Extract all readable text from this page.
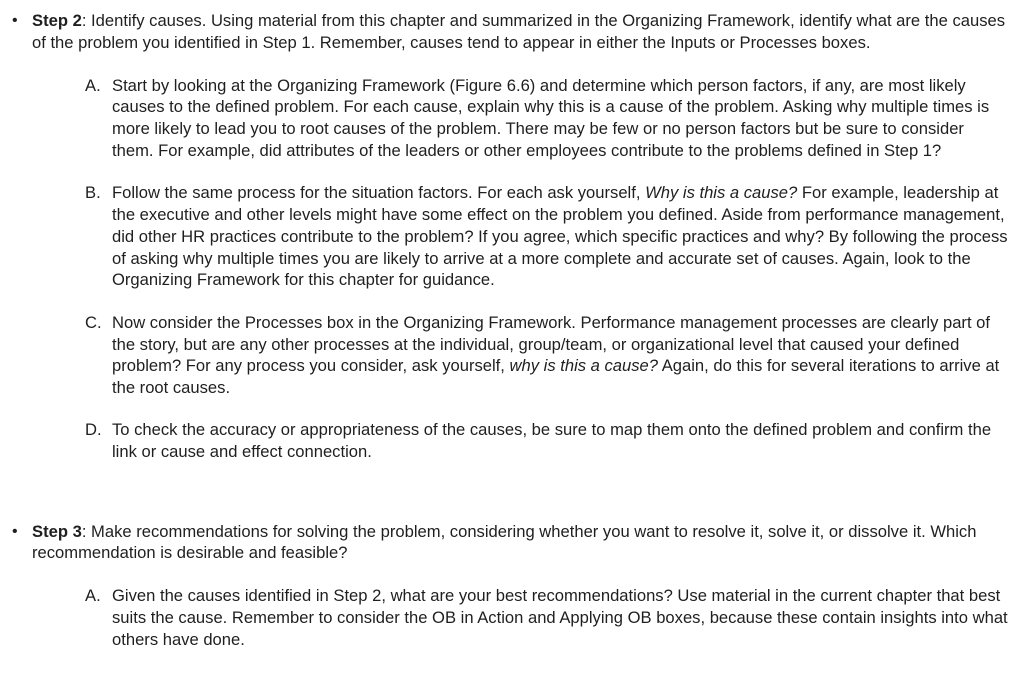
• Step 2: Identify causes. Using material from this chapter and summarized in the Organizing Framework, identify what are the causes of the problem you identified in Step 1. Remember, causes tend to appear in either the Inputs or Processes boxes.

A. Start by looking at the Organizing Framework (Figure 6.6) and determine which person factors, if any, are most likely causes to the defined problem. For each cause, explain why this is a cause of the problem. Asking why multiple times is more likely to lead you to root causes of the problem. There may be few or no person factors but be sure to consider them. For example, did attributes of the leaders or other employees contribute to the problems defined in Step 1?
B. Follow the same process for the situation factors. For each ask yourself, Why is this a cause? For example, leadership at the executive and other levels might have some effect on the problem you defined. Aside from performance management, did other HR practices contribute to the problem? If you agree, which specific practices and why? By following the process of asking why multiple times you are likely to arrive at a more complete and accurate set of causes. Again, look to the Organizing Framework for this chapter for guidance.
C. Now consider the Processes box in the Organizing Framework. Performance management processes are clearly part of the story, but are any other processes at the individual, group/team, or organizational level that caused your defined problem? For any process you consider, ask yourself, why is this a cause? Again, do this for several iterations to arrive at the root causes.
D. To check the accuracy or appropriateness of the causes, be sure to map them onto the defined problem and confirm the link or cause and effect connection.
• Step 3: Make recommendations for solving the problem, considering whether you want to resolve it, solve it, or dissolve it. Which recommendation is desirable and feasible?

A. Given the causes identified in Step 2, what are your best recommendations? Use material in the current chapter that best suits the cause. Remember to consider the OB in Action and Applying OB boxes, because these contain insights into what others have done.
